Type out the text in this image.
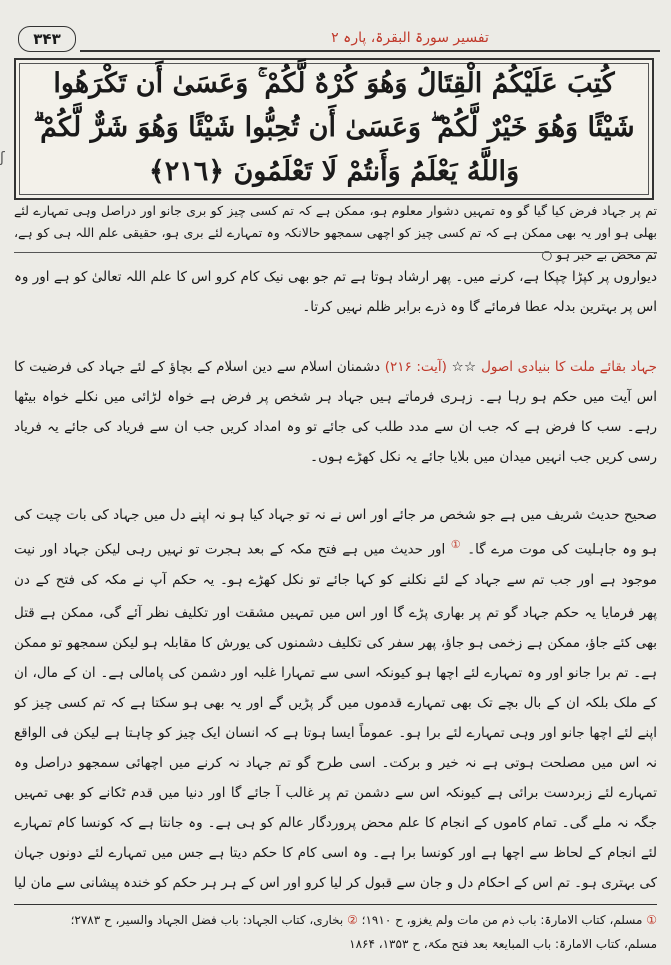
۳۴۳	تفسیر سورۃ البقرۃ، پارہ ۲
كُتِبَ عَلَيْكُمُ الْقِتَالُ وَهُوَ كُرْهٌ لَّكُمْ ۚ وَعَسَىٰ أَن تَكْرَهُوا
شَيْئًا وَهُوَ خَيْرٌ لَّكُمْ ۖ وَعَسَىٰ أَن تُحِبُّوا شَيْئًا وَهُوَ شَرٌّ لَّكُمْ ۗ
وَاللَّهُ يَعْلَمُ وَأَنتُمْ لَا تَعْلَمُونَ ﴿٢١٦﴾
ʃ
تم پر جہاد فرض کیا گیا گو وہ تمہیں دشوار معلوم ہو، ممکن ہے کہ تم کسی چیز کو بری جانو اور دراصل وہی تمہارے لئے بھلی ہو اور یہ بھی ممکن ہے کہ تم کسی چیز کو اچھی سمجھو حالانکہ وہ تمہارے لئے بری ہو، حقیقی علم اللہ ہی کو ہے، تم محض بے خبر ہو ○
دیواروں پر کپڑا چپکا ہے، کرنے میں۔ پھر ارشاد ہوتا ہے تم جو بھی نیک کام کرو اس کا علم اللہ تعالیٰ کو ہے اور وہ اس پر بہترین بدلہ عطا فرمائے گا وہ ذرے برابر ظلم نہیں کرتا۔
جہاد بقائے ملت کا بنیادی اصول ☆☆ (آیت: ۲۱۶) دشمنان اسلام سے دین اسلام کے بچاؤ کے لئے جہاد کی فرضیت کا اس آیت میں حکم ہو رہا ہے۔ زہری فرماتے ہیں جہاد ہر شخص پر فرض ہے خواہ لڑائی میں نکلے خواہ بیٹھا رہے۔ سب کا فرض ہے کہ جب ان سے مدد طلب کی جائے تو وہ امداد کریں جب ان سے فریاد کی جائے یہ فریاد رسی کریں جب انہیں میدان میں بلایا جائے یہ نکل کھڑے ہوں۔
صحیح حدیث شریف میں ہے جو شخص مر جائے اور اس نے نہ تو جہاد کیا ہو نہ اپنے دل میں جہاد کی بات چیت کی ہو وہ جاہلیت کی موت مرے گا۔ ① اور حدیث میں ہے فتح مکہ کے بعد ہجرت تو نہیں رہی لیکن جہاد اور نیت موجود ہے اور جب تم سے جہاد کے لئے نکلنے کو کہا جائے تو نکل کھڑے ہو۔ یہ حکم آپ نے مکہ کی فتح کے دن
پھر فرمایا یہ حکم جہاد گو تم پر بھاری پڑے گا اور اس میں تمہیں مشقت اور تکلیف نظر آئے گی، ممکن ہے قتل بھی کئے جاؤ، ممکن ہے زخمی ہو جاؤ، پھر سفر کی تکلیف دشمنوں کی یورش کا مقابلہ ہو لیکن سمجھو تو ممکن ہے۔ تم برا جانو اور وہ تمہارے لئے اچھا ہو کیونکہ اسی سے تمہارا غلبہ اور دشمن کی پامالی ہے۔ ان کے مال، ان کے ملک بلکہ ان کے بال بچے تک بھی تمہارے قدموں میں گر پڑیں گے اور یہ بھی ہو سکتا ہے کہ تم کسی چیز کو اپنے لئے اچھا جانو اور وہی تمہارے لئے برا ہو۔ عموماً ایسا ہوتا ہے کہ انسان ایک چیز کو چاہتا ہے لیکن فی الواقع نہ اس میں مصلحت ہوتی ہے نہ خیر و برکت۔ اسی طرح گو تم جہاد نہ کرنے میں اچھائی سمجھو دراصل وہ تمہارے لئے زبردست برائی ہے کیونکہ اس سے دشمن تم پر غالب آ جائے گا اور دنیا میں قدم ٹکانے کو بھی تمہیں جگہ نہ ملے گی۔ تمام کاموں کے انجام کا علم محض پروردگار عالم کو ہی ہے۔ وہ جانتا ہے کہ کونسا کام تمہارے لئے انجام کے لحاظ سے اچھا ہے اور کونسا برا ہے۔ وہ اسی کام کا حکم دیتا ہے جس میں تمہارے لئے دونوں جہان کی بہتری ہو۔ تم اس کے احکام دل و جان سے قبول کر لیا کرو اور اس کے ہر ہر حکم کو خندہ پیشانی سے مان لیا
① مسلم، کتاب الامارۃ: باب ذم من مات ولم یغزو، ح ۱۹۱۰؛ ② بخاری، کتاب الجہاد: باب فضل الجہاد والسیر، ح ۲۷۸۳؛
مسلم، کتاب الامارۃ: باب المبایعۃ بعد فتح مکۃ، ح ۱۳۵۳، ۱۸۶۴
